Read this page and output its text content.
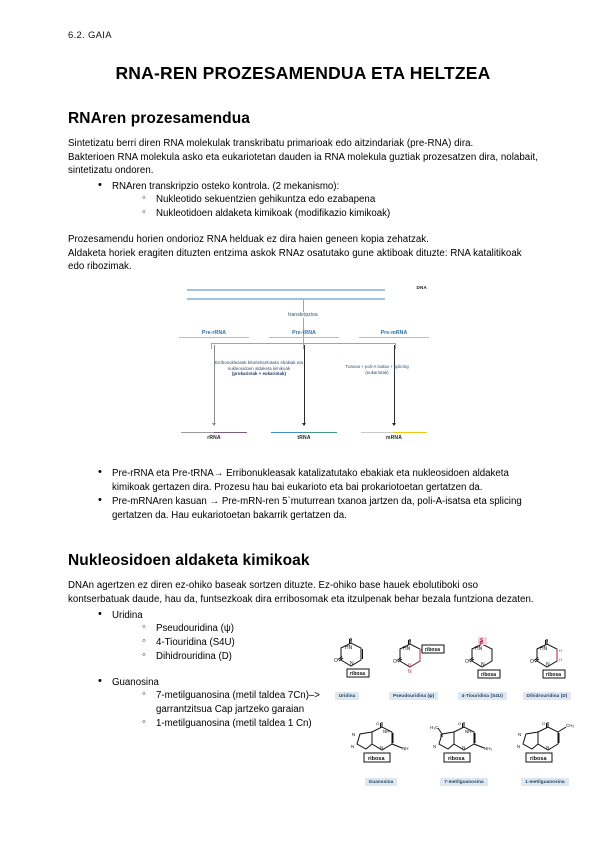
6.2. GAIA
RNA-REN PROZESAMENDUA ETA HELTZEA
RNAren prozesamendua

Sintetizatu berri diren RNA molekulak transkribatu primarioak edo aitzindariak (pre-RNA) dira.

Bakterioen RNA molekula asko eta eukariotetan dauden ia RNA molekula guztiak prozesatzen dira, nolabait, sintetizatu ondoren.

• RNAren transkripzio osteko kontrola. (2 mekanismo):
◦ Nukleotido sekuentzien gehikuntza edo ezabapena
◦ Nukleotidoen aldaketa kimikoak (modifikazio kimikoak)

Prozesamendu horien ondorioz RNA helduak ez dira haien geneen kopia zehatzak.

Aldaketa horiek eragiten dituzten entzima askok RNAz osatutako gune aktiboak dituzte: RNA katalitikoak edo ribozimak.

DNA
transkripzioa
Pre-rRNA	Pre-tRNA	Pre-mRNA
Erribonukleasak bitartekaritutako ebakiak eta
nukleosidoen aldaketa kimikoak
(prokariotak + eukariotak)
Txanoa + poli-A isatsa + splicing
(eukariotak)
rRNA	tRNA	mRNA
• Pre-rRNA eta Pre-tRNA→ Erribonukleasak katalizatutako ebakiak eta nukleosidoen aldaketa kimikoak gertazen dira. Prozesu hau bai eukarioto eta bai prokariotoetan gertatzen da.
• Pre-mRNAren kasuan → Pre-mRN-ren 5`muturrean txanoa jartzen da, poli-A-isatsa eta splicing gertatzen da. Hau eukariotoetan bakarrik gertatzen da.
Nukleosidoen aldaketa kimikoak

DNAn agertzen ez diren ez-ohiko baseak sortzen dituzte. Ez-ohiko base hauek ebolutiboki oso kontserbatuak daude, hau da, funtsezkoak dira erribosomak eta itzulpenak behar bezala funtziona dezaten.

• Uridina
◦ Pseudouridina (ψ)
◦ 4-Tiouridina (S4U)
◦ Dihidrouridina (D)
• Guanosina
◦ 7-metilguanosina (metil taldea 7Cn)–> garrantzitsua Cap jartzeko garaian
◦ 1-metilguanosina (metil taldea 1 Cn)
HN
O
O
N
ribosa
Uridina
HN
O
O
N
H
ribosa
Pseudouridina (ψ)
HN
O
S
N
ribosa
4-Tiouridina (S4U)
HN
O
O
N
H
H
ribosa
Dihidrouridina (D)
O
NH
N
N	N	NH
ribosa
Guanosina
O
NH
H₃C
N
N	N	NH₂
ribosa
7-metilguanosina
O	CH₃
N
N	N
ribosa
1-metilguanosina
